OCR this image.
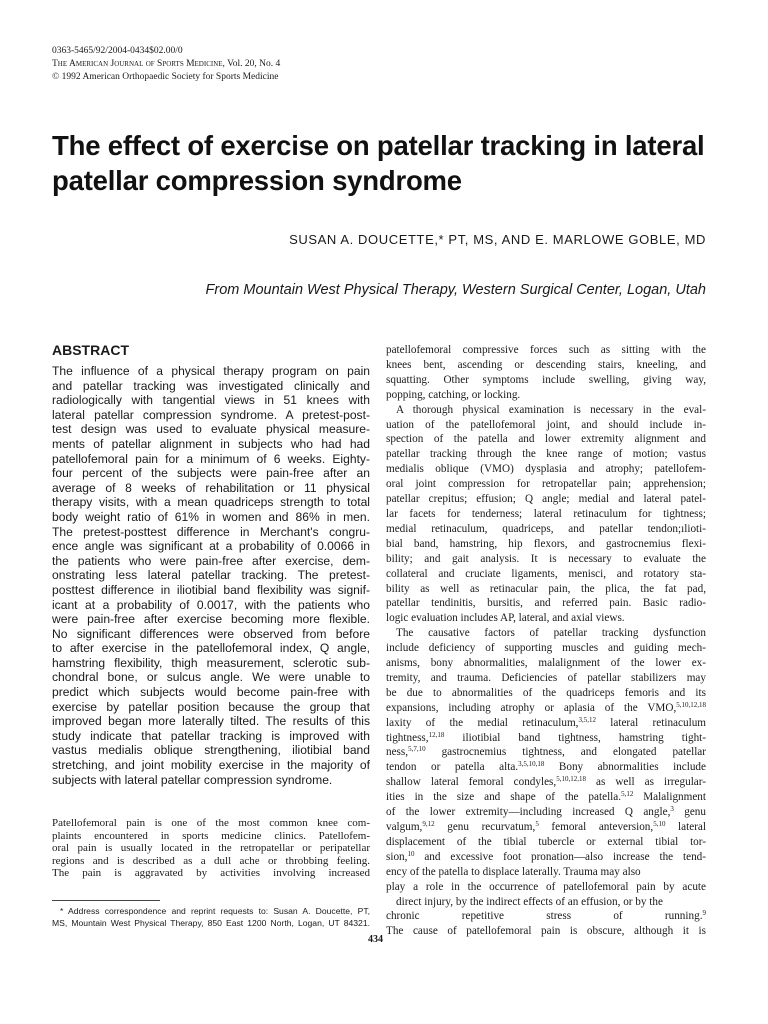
0363-5465/92/2004-0434$02.00/0
The American Journal of Sports Medicine, Vol. 20, No. 4
© 1992 American Orthopaedic Society for Sports Medicine
The effect of exercise on patellar tracking in lateral patellar compression syndrome
SUSAN A. DOUCETTE,* PT, MS, AND E. MARLOWE GOBLE, MD
From Mountain West Physical Therapy, Western Surgical Center, Logan, Utah
ABSTRACT
The influence of a physical therapy program on pain
and patellar tracking was investigated clinically and
radiologically with tangential views in 51 knees with
lateral patellar compression syndrome. A pretest-post-
test design was used to evaluate physical measure-
ments of patellar alignment in subjects who had had
patellofemoral pain for a minimum of 6 weeks. Eighty-
four percent of the subjects were pain-free after an
average of 8 weeks of rehabilitation or 11 physical
therapy visits, with a mean quadriceps strength to total
body weight ratio of 61% in women and 86% in men.
The pretest-posttest difference in Merchant's congru-
ence angle was significant at a probability of 0.0066 in
the patients who were pain-free after exercise, dem-
onstrating less lateral patellar tracking. The pretest-
posttest difference in iliotibial band flexibility was signif-
icant at a probability of 0.0017, with the patients who
were pain-free after exercise becoming more flexible.
No significant differences were observed from before
to after exercise in the patellofemoral index, Q angle,
hamstring flexibility, thigh measurement, sclerotic sub-
chondral bone, or sulcus angle. We were unable to
predict which subjects would become pain-free with
exercise by patellar position because the group that
improved began more laterally tilted. The results of this
study indicate that patellar tracking is improved with
vastus medialis oblique strengthening, iliotibial band
stretching, and joint mobility exercise in the majority of
subjects with lateral patellar compression syndrome.
Patellofemoral pain is one of the most common knee com-
plaints encountered in sports medicine clinics. Patellofem-
oral pain is usually located in the retropatellar or peripatellar
regions and is described as a dull ache or throbbing feeling.
The pain is aggravated by activities involving increased
patellofemoral compressive forces such as sitting with the
knees bent, ascending or descending stairs, kneeling, and
squatting. Other symptoms include swelling, giving way,
popping, catching, or locking.
A thorough physical examination is necessary in the eval-
uation of the patellofemoral joint, and should include in-
spection of the patella and lower extremity alignment and
patellar tracking through the knee range of motion; vastus
medialis oblique (VMO) dysplasia and atrophy; patellofem-
oral joint compression for retropatellar pain; apprehension;
patellar crepitus; effusion; Q angle; medial and lateral patel-
lar facets for tenderness; lateral retinaculum for tightness;
medial retinaculum, quadriceps, and patellar tendon;ılioti-
bial band, hamstring, hip flexors, and gastrocnemius flexi-
bility; and gait analysis. It is necessary to evaluate the
collateral and cruciate ligaments, menisci, and rotatory sta-
bility as well as retinacular pain, the plica, the fat pad,
patellar tendinitis, bursitis, and referred pain. Basic radio-
logic evaluation includes AP, lateral, and axial views.
The causative factors of patellar tracking dysfunction
include deficiency of supporting muscles and guiding mech-
anisms, bony abnormalities, malalignment of the lower ex-
tremity, and trauma. Deficiencies of patellar stabilizers may
be due to abnormalities of the quadriceps femoris and its
expansions, including atrophy or aplasia of the VMO,$^{5,10,12,18}$
laxity of the medial retinaculum,$^{3,5,12}$ lateral retinaculum
tightness,$^{12,18}$ iliotibial band tightness, hamstring tight-
ness,$^{5,7,10}$ gastrocnemius tightness, and elongated patellar
tendon or patella alta.$^{3,5,10,18}$ Bony abnormalities include
shallow lateral femoral condyles,$^{5,10,12,18}$ as well as irregular-
ities in the size and shape of the patella.$^{5,12}$ Malalignment
of the lower extremity—including increased Q angle,$^3$ genu
valgum,$^{9,12}$ genu recurvatum,$^5$ femoral anteversion,$^{5,10}$ lateral
displacement of the tibial tubercle or external tibial tor-
sion,$^{10}$ and excessive foot pronation—also increase the tend-
ency of the patella to displace laterally. Trauma may also
play a role in the occurrence of patellofemoral pain by acute
direct injury, by the indirect effects of an effusion, or by the
chronic repetitive stress of running.$^9$
The cause of patellofemoral pain is obscure, although it is
* Address correspondence and reprint requests to: Susan A. Doucette, PT,
MS, Mountain West Physical Therapy, 850 East 1200 North, Logan, UT 84321.
434
